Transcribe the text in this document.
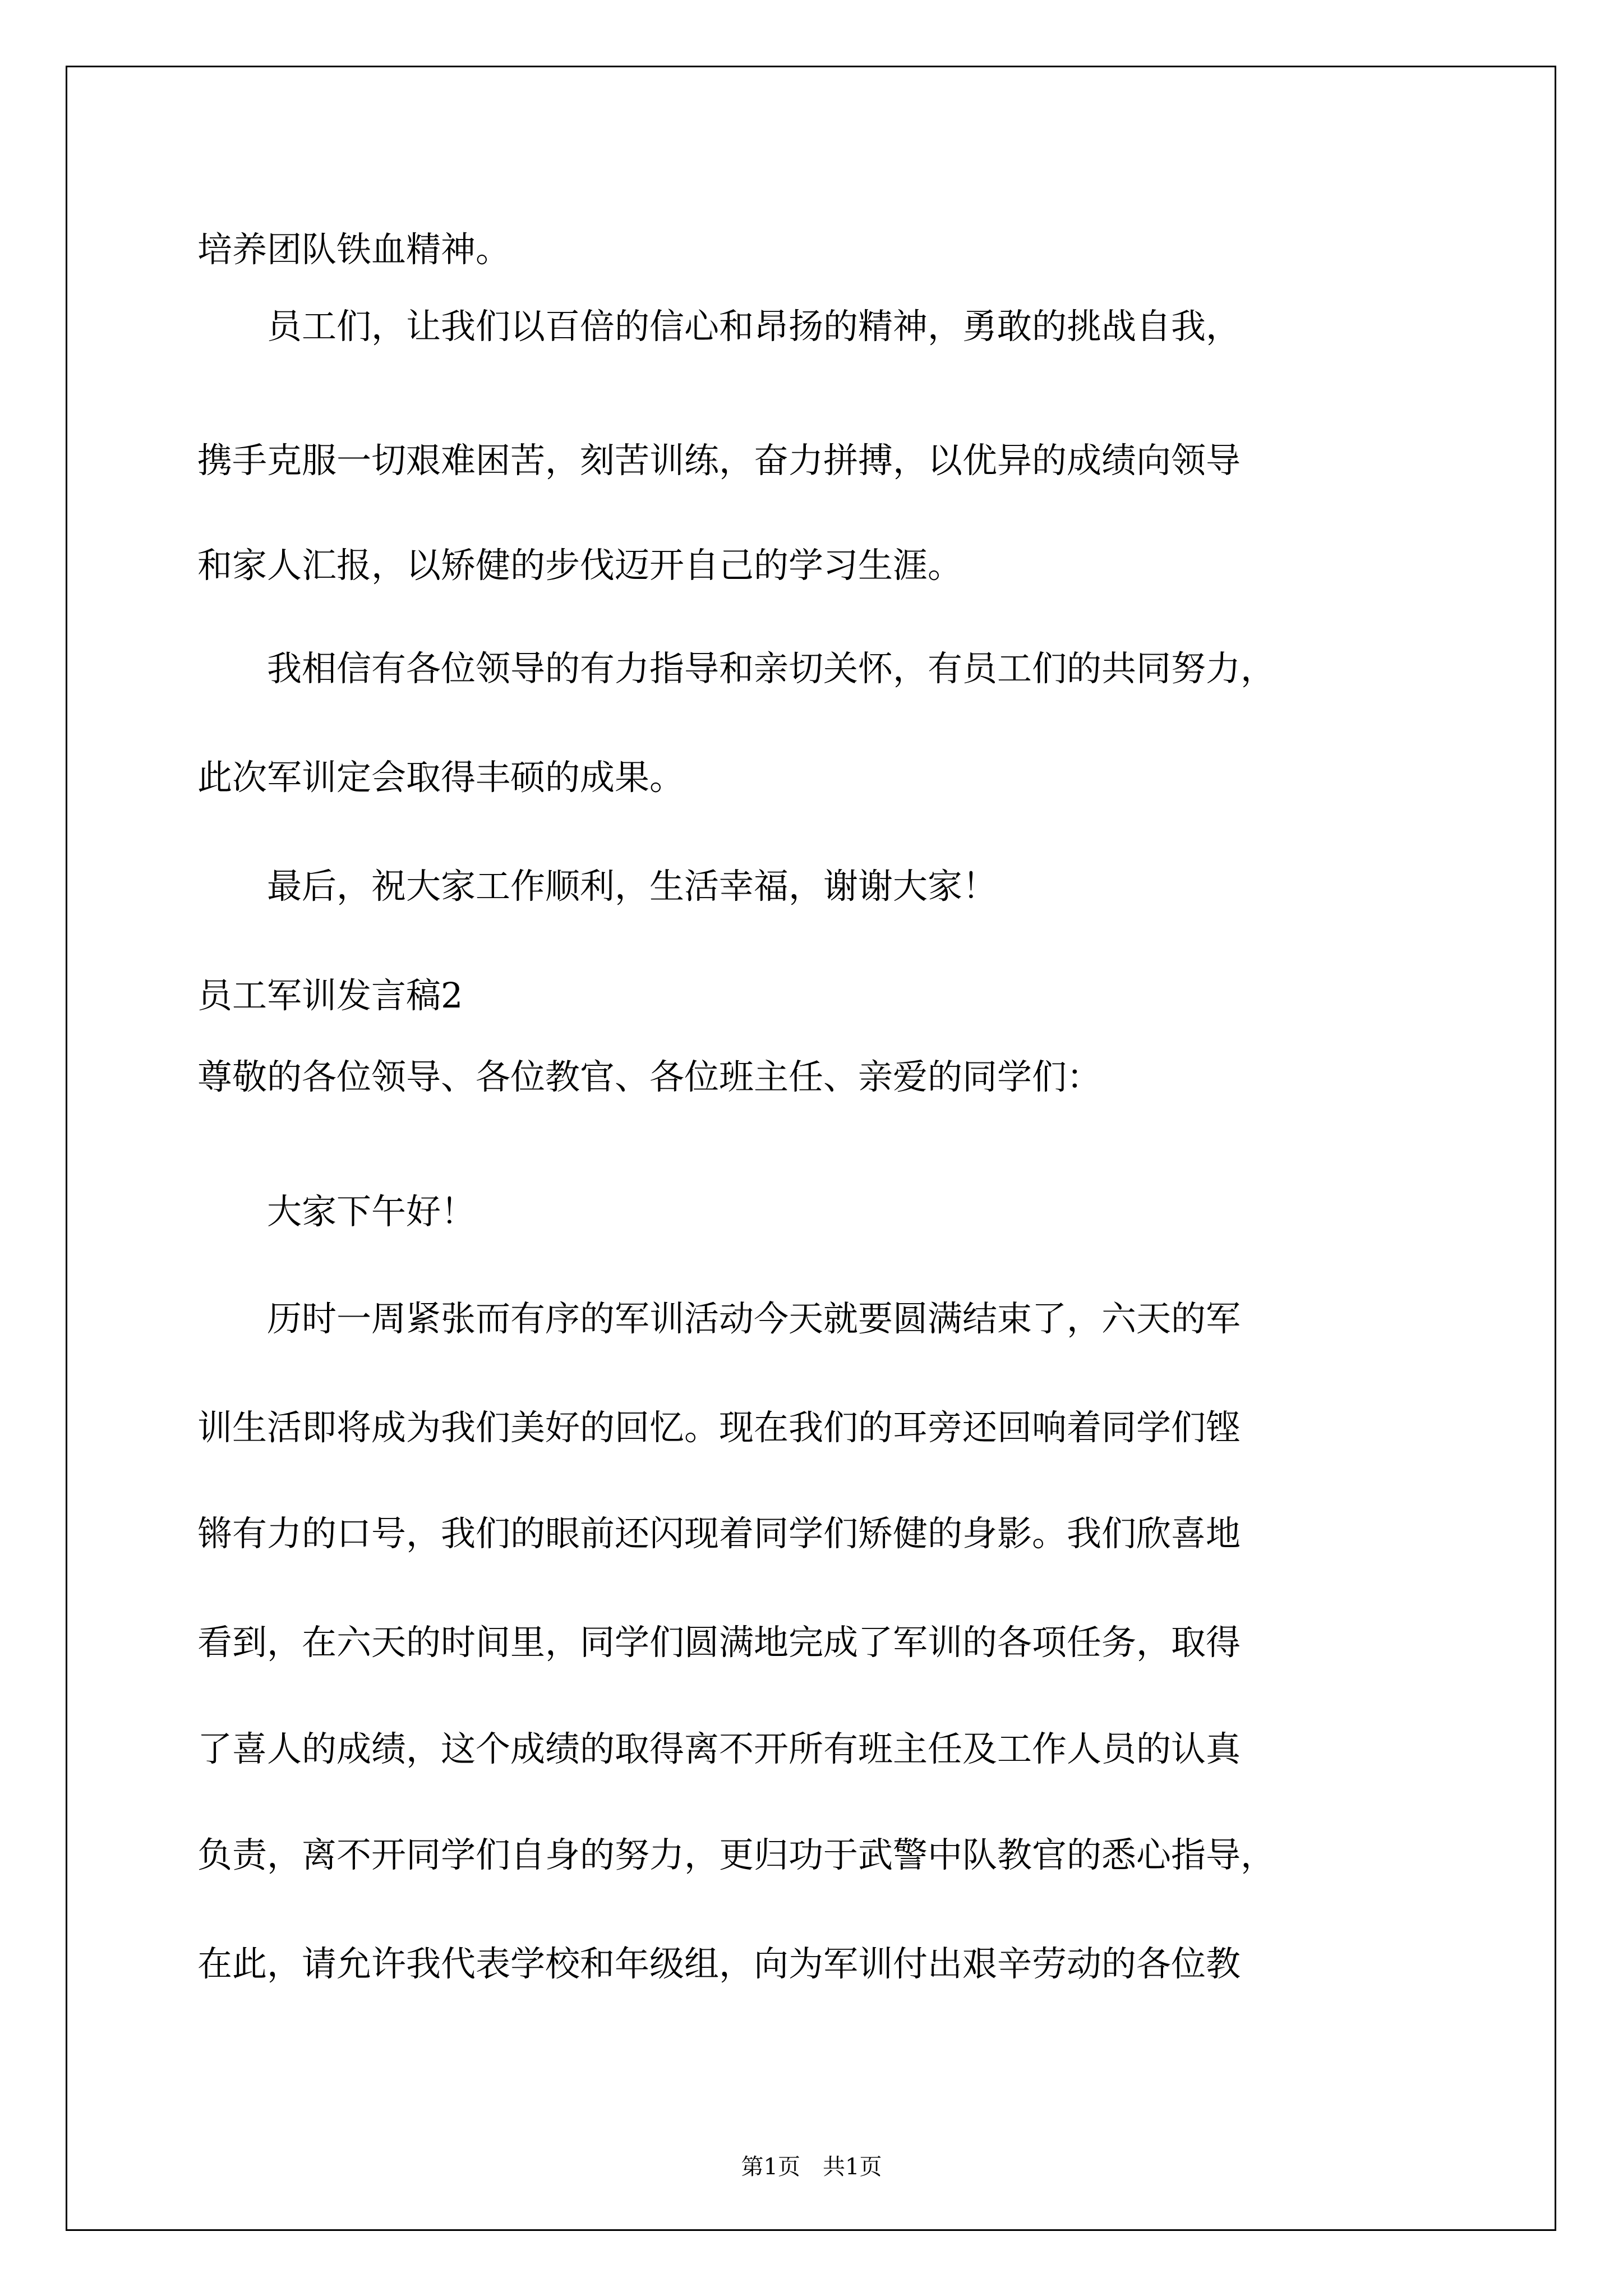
培养团队铁血精神。
　　员工们，让我们以百倍的信心和昂扬的精神，勇敢的挑战自我，
携手克服一切艰难困苦，刻苦训练，奋力拼搏，以优异的成绩向领导
和家人汇报，以矫健的步伐迈开自己的学习生涯。
　　我相信有各位领导的有力指导和亲切关怀，有员工们的共同努力，
此次军训定会取得丰硕的成果。
　　最后，祝大家工作顺利，生活幸福，谢谢大家！
员工军训发言稿2
尊敬的各位领导、各位教官、各位班主任、亲爱的同学们：
　　大家下午好！
　　历时一周紧张而有序的军训活动今天就要圆满结束了，六天的军
训生活即将成为我们美好的回忆。现在我们的耳旁还回响着同学们铿
锵有力的口号，我们的眼前还闪现着同学们矫健的身影。我们欣喜地
看到，在六天的时间里，同学们圆满地完成了军训的各项任务，取得
了喜人的成绩，这个成绩的取得离不开所有班主任及工作人员的认真
负责，离不开同学们自身的努力，更归功于武警中队教官的悉心指导，
在此，请允许我代表学校和年级组，向为军训付出艰辛劳动的各位教
第1页　共1页
